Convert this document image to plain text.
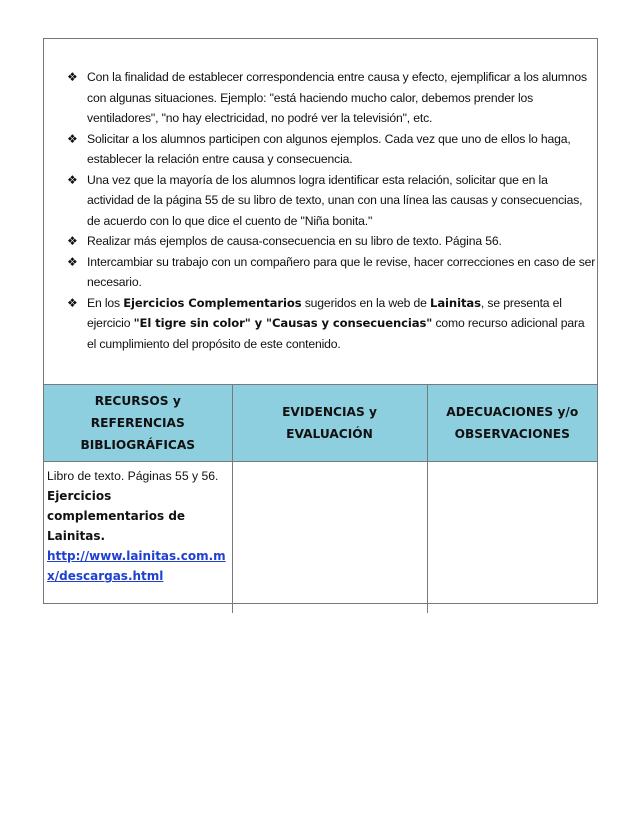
❖ Con la finalidad de establecer correspondencia entre causa y efecto, ejemplificar a los alumnos con algunas situaciones. Ejemplo: "está haciendo mucho calor, debemos prender los ventiladores", "no hay electricidad, no podré ver la televisión", etc.
❖ Solicitar a los alumnos participen con algunos ejemplos. Cada vez que uno de ellos lo haga, establecer la relación entre causa y consecuencia.
❖ Una vez que la mayoría de los alumnos logra identificar esta relación, solicitar que en la actividad de la página 55 de su libro de texto, unan con una línea las causas y consecuencias, de acuerdo con lo que dice el cuento de "Niña bonita."
❖ Realizar más ejemplos de causa-consecuencia en su libro de texto. Página 56.
❖ Intercambiar su trabajo con un compañero para que le revise, hacer correcciones en caso de ser necesario.
❖ En los Ejercicios Complementarios sugeridos en la web de Lainitas, se presenta el ejercicio "El tigre sin color" y "Causas y consecuencias" como recurso adicional para el cumplimiento del propósito de este contenido.
RECURSOS y REFERENCIAS BIBLIOGRÁFICAS	EVIDENCIAS y EVALUACIÓN	ADECUACIONES y/o OBSERVACIONES
Libro de texto. Páginas 55 y 56.
Ejercicios complementarios de Lainitas.
http://www.lainitas.com.mx/descargas.html		
